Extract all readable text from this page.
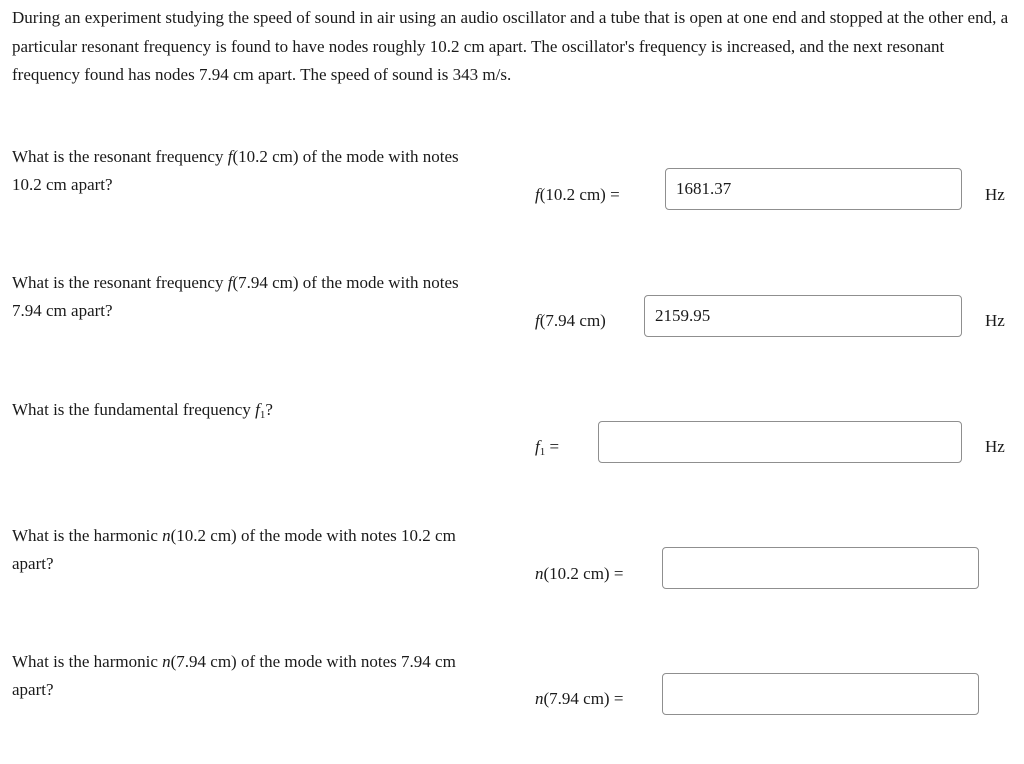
During an experiment studying the speed of sound in air using an audio oscillator and a tube that is open at one end and stopped at the other end, a particular resonant frequency is found to have nodes roughly 10.2 cm apart. The oscillator's frequency is increased, and the next resonant frequency found has nodes 7.94 cm apart. The speed of sound is 343 m/s.

What is the resonant frequency f(10.2 cm) of the mode with notes 10.2 cm apart?

f(10.2 cm) =
1681.37	Hz

What is the resonant frequency f(7.94 cm) of the mode with notes 7.94 cm apart?

f(7.94 cm)
2159.95	Hz

What is the fundamental frequency $f_1$?

$f_1$ =	Hz

What is the harmonic n(10.2 cm) of the mode with notes 10.2 cm apart?

n(10.2 cm) =

What is the harmonic n(7.94 cm) of the mode with notes 7.94 cm apart?	n(7.94 cm) =
